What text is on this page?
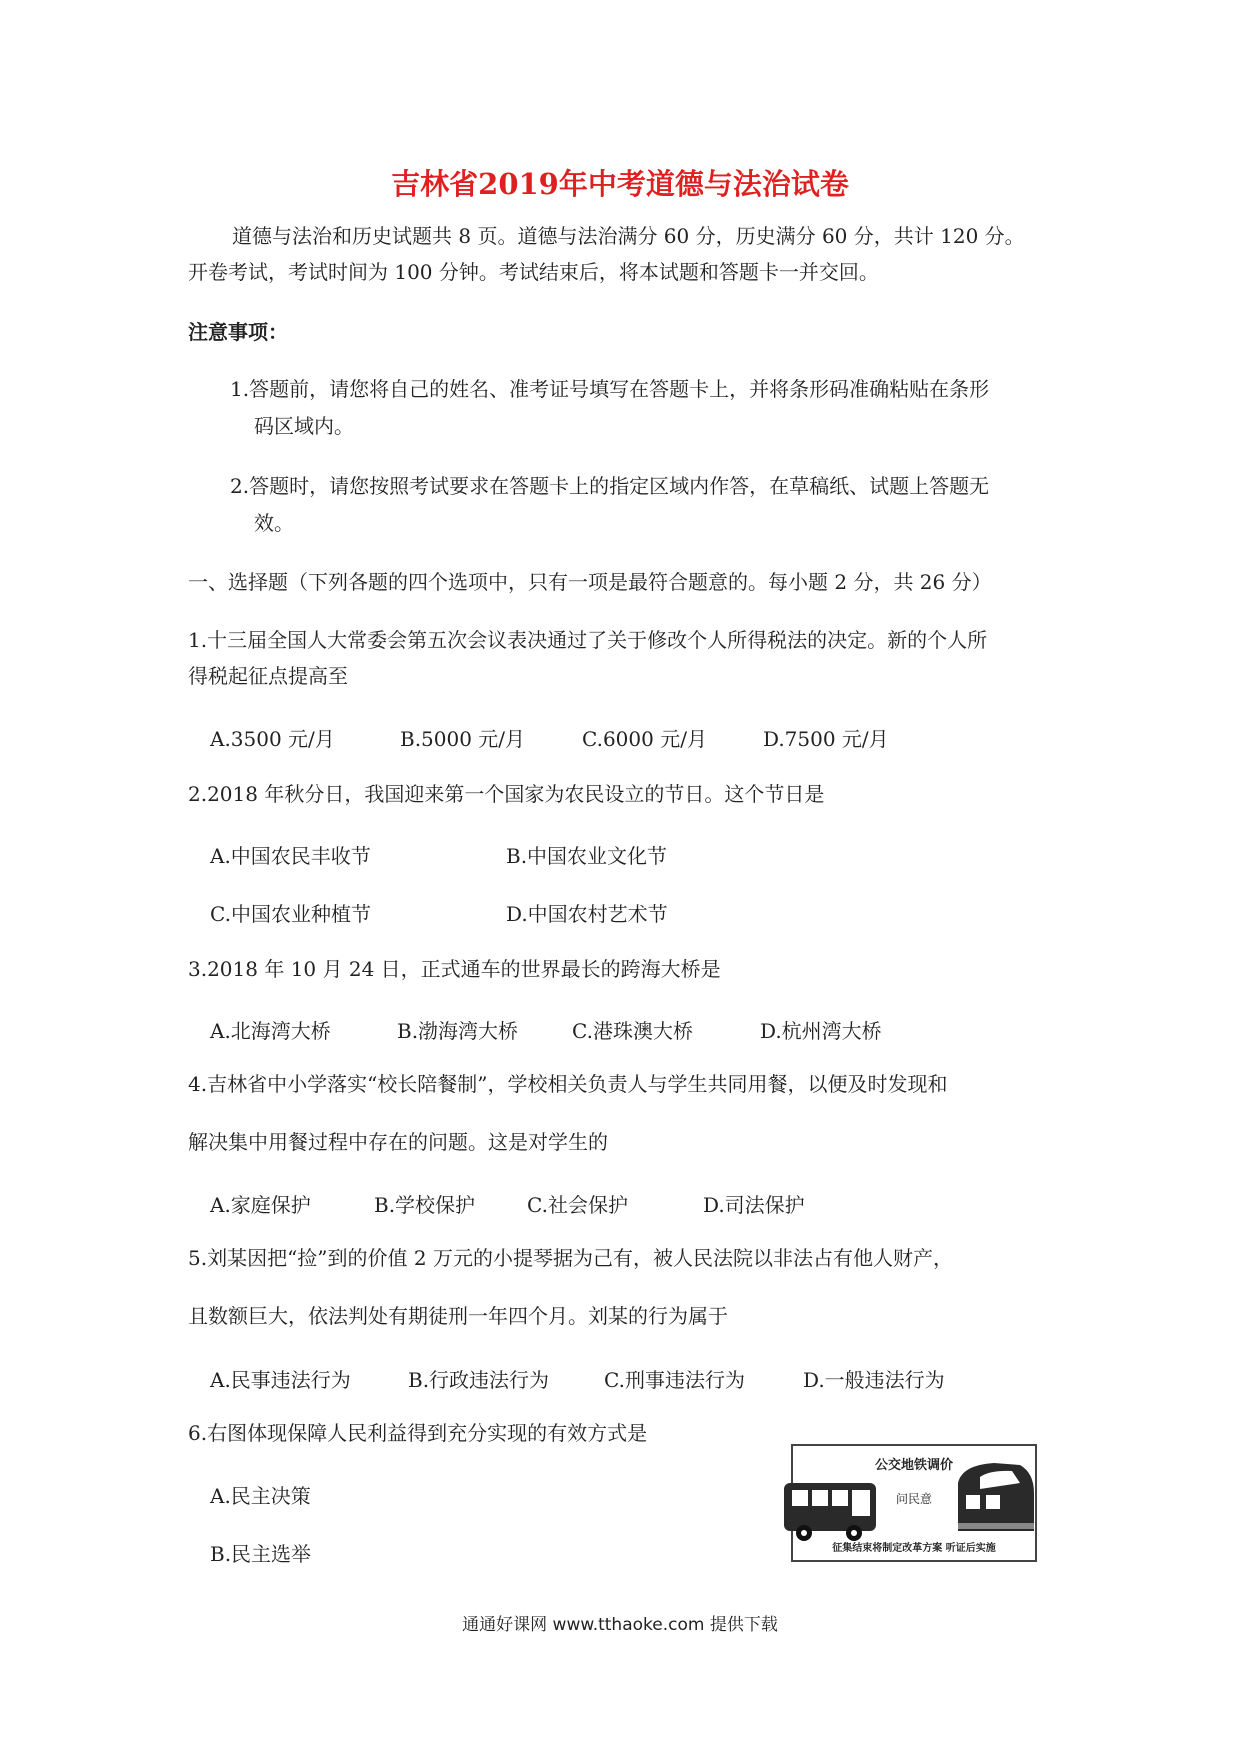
吉林省2019年中考道德与法治试卷
道德与法治和历史试题共 8 页。道德与法治满分 60 分，历史满分 60 分，共计 120 分。
开卷考试，考试时间为 100 分钟。考试结束后，将本试题和答题卡一并交回。
注意事项：
1.答题前，请您将自己的姓名、准考证号填写在答题卡上，并将条形码准确粘贴在条形
码区域内。
2.答题时，请您按照考试要求在答题卡上的指定区域内作答，在草稿纸、试题上答题无
效。
一、选择题（下列各题的四个选项中，只有一项是最符合题意的。每小题 2 分，共 26 分）
1.十三届全国人大常委会第五次会议表决通过了关于修改个人所得税法的决定。新的个人所
得税起征点提高至
A.3500 元/月	B.5000 元/月	C.6000 元/月	D.7500 元/月
2.2018 年秋分日，我国迎来第一个国家为农民设立的节日。这个节日是
A.中国农民丰收节	B.中国农业文化节
C.中国农业种植节	D.中国农村艺术节
3.2018 年 10 月 24 日，正式通车的世界最长的跨海大桥是
A.北海湾大桥	B.渤海湾大桥	C.港珠澳大桥	D.杭州湾大桥
4.吉林省中小学落实“校长陪餐制”，学校相关负责人与学生共同用餐，以便及时发现和
解决集中用餐过程中存在的问题。这是对学生的
A.家庭保护	B.学校保护	C.社会保护	D.司法保护
5.刘某因把“捡”到的价值 2 万元的小提琴据为己有，被人民法院以非法占有他人财产，
且数额巨大，依法判处有期徒刑一年四个月。刘某的行为属于
A.民事违法行为	B.行政违法行为	C.刑事违法行为	D.一般违法行为
6.右图体现保障人民利益得到充分实现的有效方式是
A.民主决策
B.民主选举
公交地铁调价
问民意
征集结束将制定改革方案 听证后实施
通通好课网 www.tthaoke.com 提供下载
